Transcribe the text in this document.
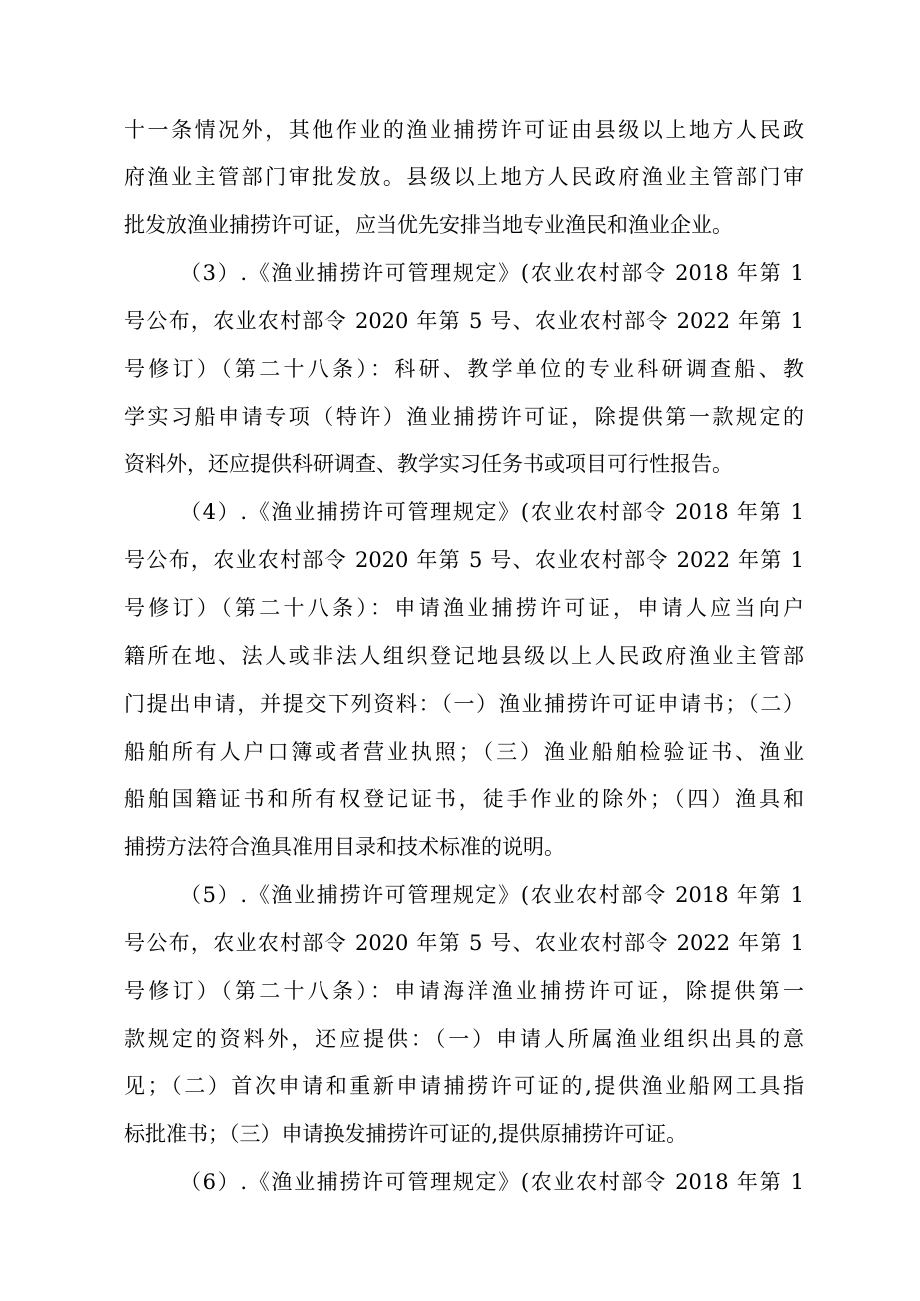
十一条情况外，其他作业的渔业捕捞许可证由县级以上地方人民政
府渔业主管部门审批发放。县级以上地方人民政府渔业主管部门审
批发放渔业捕捞许可证，应当优先安排当地专业渔民和渔业企业。
（3）.《渔业捕捞许可管理规定》(农业农村部令 2018 年第 1
号公布，农业农村部令 2020 年第 5 号、农业农村部令 2022 年第 1
号修订）（第二十八条）：科研、教学单位的专业科研调查船、教
学实习船申请专项（特许）渔业捕捞许可证，除提供第一款规定的
资料外，还应提供科研调查、教学实习任务书或项目可行性报告。
（4）.《渔业捕捞许可管理规定》(农业农村部令 2018 年第 1
号公布，农业农村部令 2020 年第 5 号、农业农村部令 2022 年第 1
号修订）（第二十八条）：申请渔业捕捞许可证，申请人应当向户
籍所在地、法人或非法人组织登记地县级以上人民政府渔业主管部
门提出申请，并提交下列资料：（一）渔业捕捞许可证申请书；（二）
船舶所有人户口簿或者营业执照；（三）渔业船舶检验证书、渔业
船舶国籍证书和所有权登记证书，徒手作业的除外；（四）渔具和
捕捞方法符合渔具准用目录和技术标准的说明。
（5）.《渔业捕捞许可管理规定》(农业农村部令 2018 年第 1
号公布，农业农村部令 2020 年第 5 号、农业农村部令 2022 年第 1
号修订）（第二十八条）：申请海洋渔业捕捞许可证，除提供第一
款规定的资料外，还应提供：（一）申请人所属渔业组织出具的意
见；（二）首次申请和重新申请捕捞许可证的,提供渔业船网工具指
标批准书；（三）申请换发捕捞许可证的,提供原捕捞许可证。
（6）.《渔业捕捞许可管理规定》(农业农村部令 2018 年第 1
